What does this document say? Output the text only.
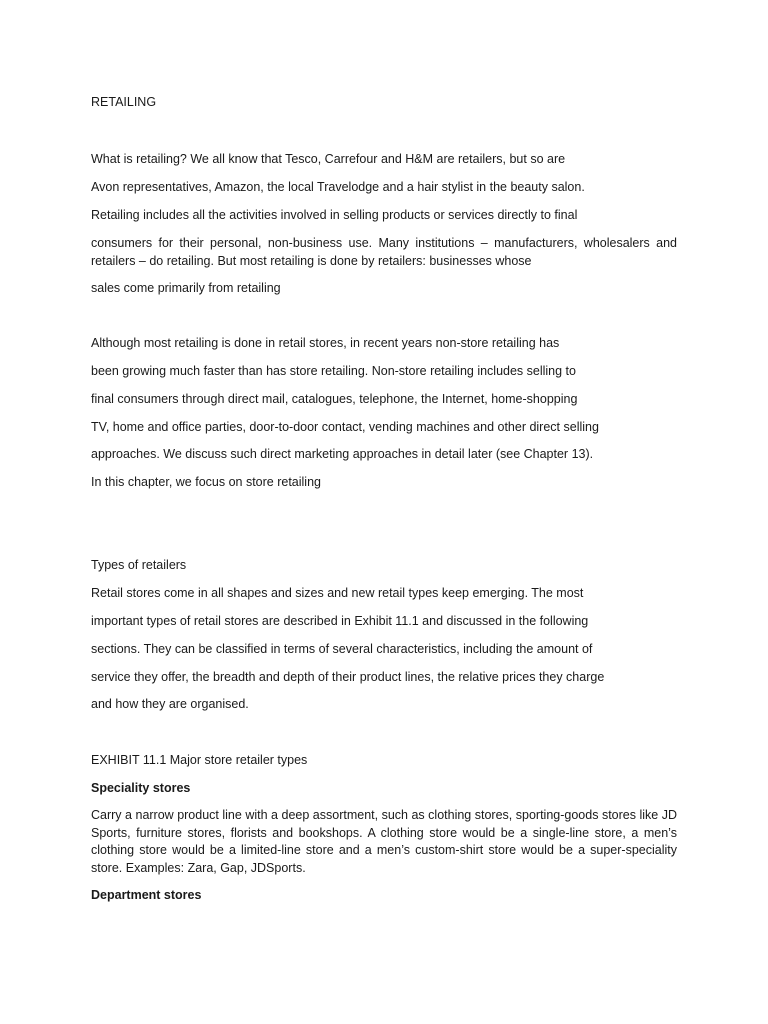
RETAILING
What is retailing? We all know that Tesco, Carrefour and H&M are retailers, but so are
Avon representatives, Amazon, the local Travelodge and a hair stylist in the beauty salon.
Retailing includes all the activities involved in selling products or services directly to final
consumers for their personal, non-business use. Many institutions – manufacturers, wholesalers and retailers – do retailing. But most retailing is done by retailers: businesses whose
sales come primarily from retailing
Although most retailing is done in retail stores, in recent years non-store retailing has
been growing much faster than has store retailing. Non-store retailing includes selling to
final consumers through direct mail, catalogues, telephone, the Internet, home-shopping
TV, home and office parties, door-to-door contact, vending machines and other direct selling
approaches. We discuss such direct marketing approaches in detail later (see Chapter 13).
In this chapter, we focus on store retailing
Types of retailers
Retail stores come in all shapes and sizes and new retail types keep emerging. The most
important types of retail stores are described in Exhibit 11.1 and discussed in the following
sections. They can be classified in terms of several characteristics, including the amount of
service they offer, the breadth and depth of their product lines, the relative prices they charge
and how they are organised.
EXHIBIT 11.1 Major store retailer types
Speciality stores
Carry a narrow product line with a deep assortment, such as clothing stores, sporting-goods stores like JD Sports, furniture stores, florists and bookshops. A clothing store would be a single-line store, a men’s clothing store would be a limited-line store and a men’s custom-shirt store would be a super-speciality store. Examples: Zara, Gap, JDSports.
Department stores
